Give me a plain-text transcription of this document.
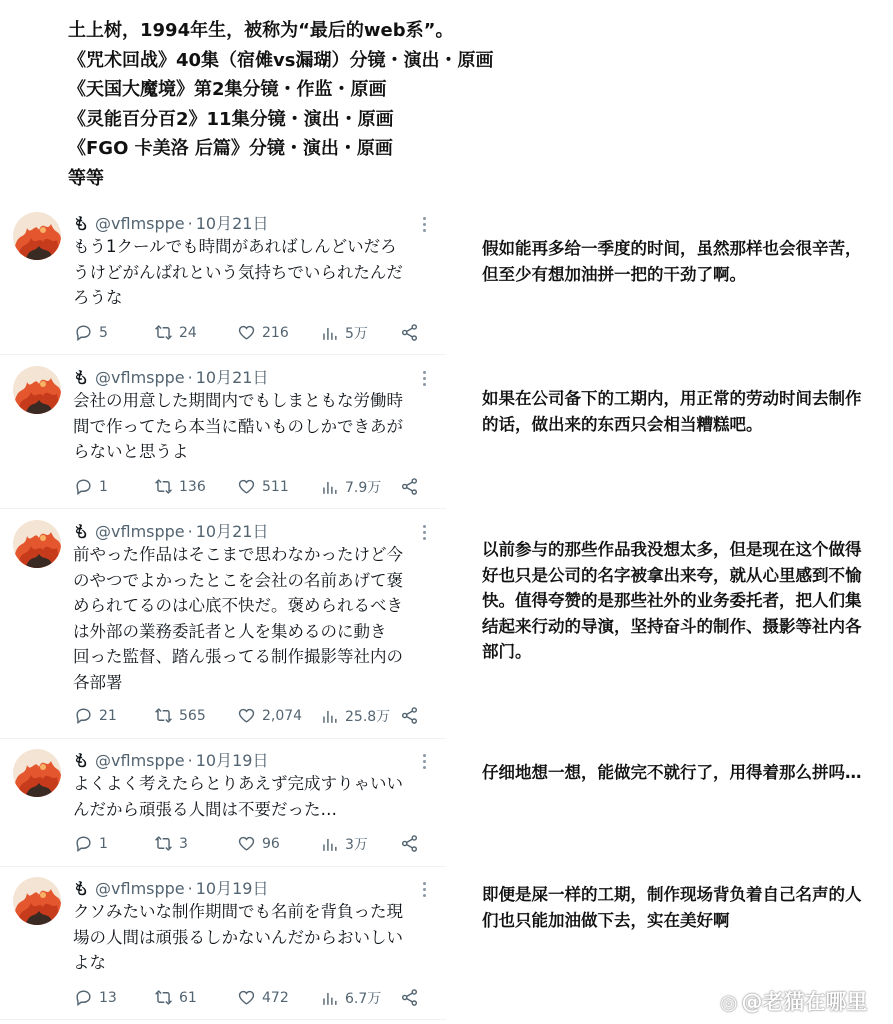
土上树，1994年生，被称为“最后的web系”。
《咒术回战》40集（宿傩vs漏瑚）分镜・演出・原画
《天国大魔境》第2集分镜・作监・原画
《灵能百分百2》11集分镜・演出・原画
《FGO 卡美洛 后篇》分镜・演出・原画
等等
も @vflmsppe · 10月21日
もう1クールでも時間があればしんどいだろ
うけどがんばれという気持ちでいられたんだ
ろうな
5	24	216	5万
も @vflmsppe · 10月21日
会社の用意した期間内でもしまともな労働時
間で作ってたら本当に酷いものしかできあが
らないと思うよ
1	136	511	7.9万
も @vflmsppe · 10月21日
前やった作品はそこまで思わなかったけど今
のやつでよかったとこを会社の名前あげて褒
められてるのは心底不快だ。褒められるべき
は外部の業務委託者と人を集めるのに動き
回った監督、踏ん張ってる制作撮影等社内の
各部署
21	565	2,074	25.8万
も @vflmsppe · 10月19日
よくよく考えたらとりあえず完成すりゃいい
んだから頑張る人間は不要だった…
1	3	96	3万
も @vflmsppe · 10月19日
クソみたいな制作期間でも名前を背負った現
場の人間は頑張るしかないんだからおいしい
よな
13	61	472	6.7万
假如能再多给一季度的时间，虽然那样也会很辛苦，但至少有想加油拼一把的干劲了啊。
如果在公司备下的工期内，用正常的劳动时间去制作的话，做出来的东西只会相当糟糕吧。
以前参与的那些作品我没想太多，但是现在这个做得好也只是公司的名字被拿出来夸，就从心里感到不愉快。值得夸赞的是那些社外的业务委托者，把人们集结起来行动的导演，坚持奋斗的制作、摄影等社内各部门。
仔细地想一想，能做完不就行了，用得着那么拼吗…
即便是屎一样的工期，制作现场背负着自己名声的人们也只能加油做下去，实在美好啊
◎ @老猫在哪里
